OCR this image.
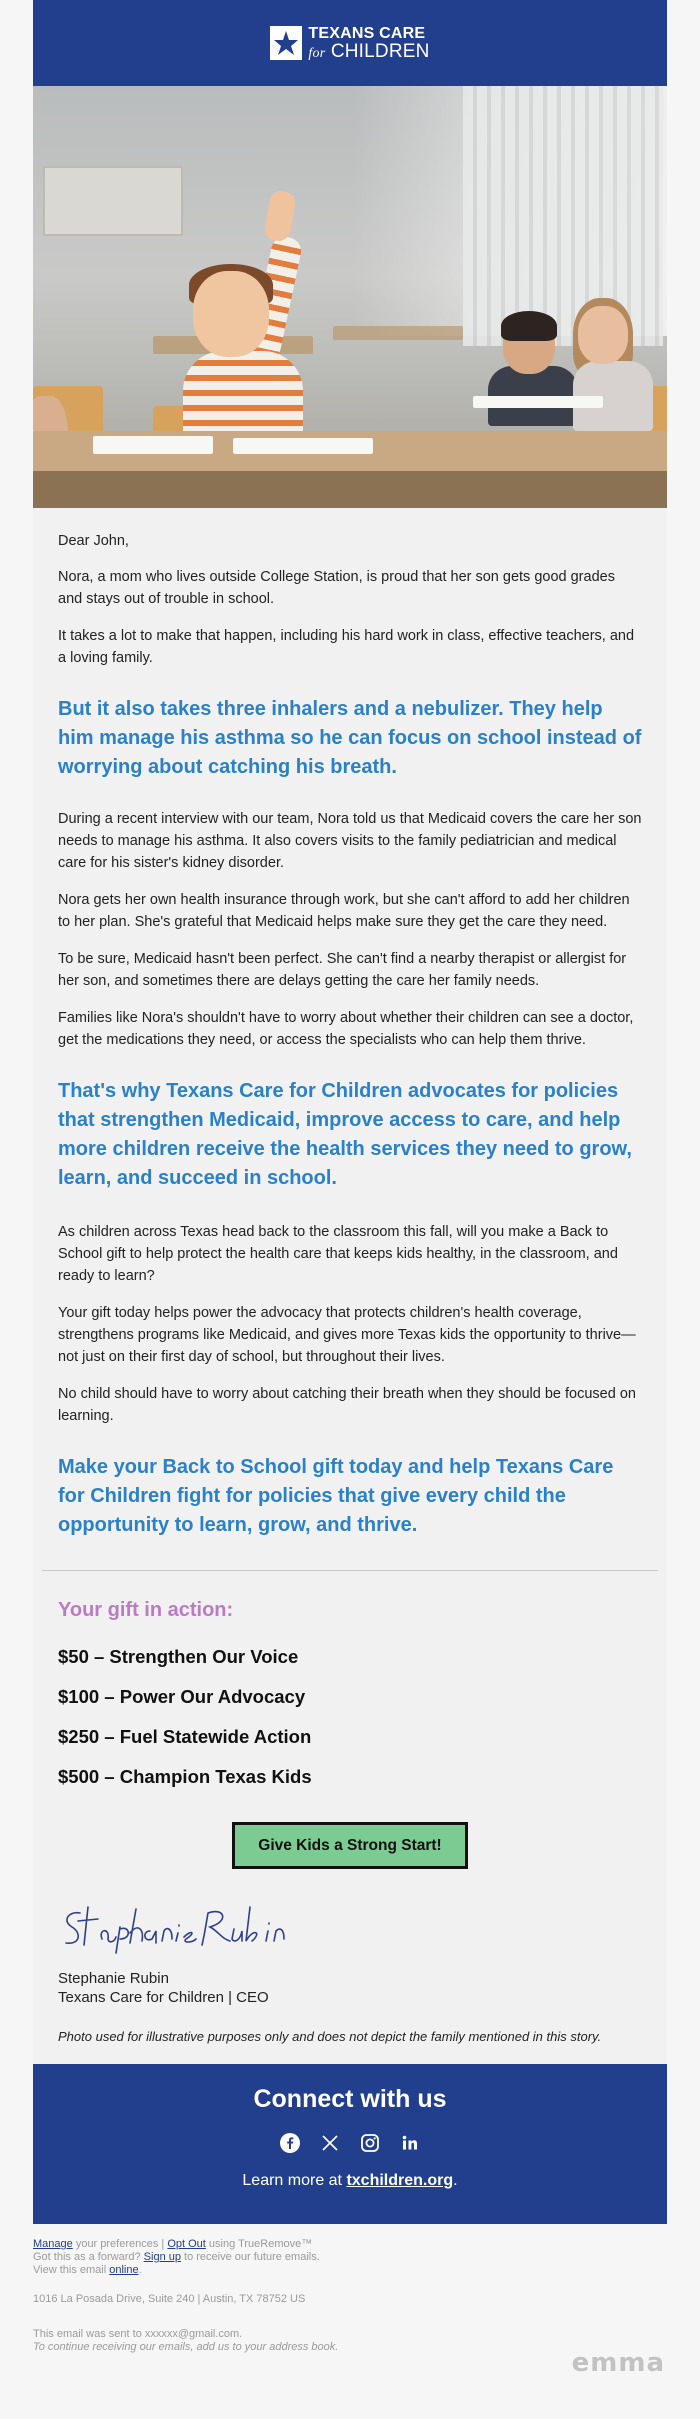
TEXANS CARE
for CHILDREN

Dear John,

Nora, a mom who lives outside College Station, is proud that her son gets good grades and stays out of trouble in school.

It takes a lot to make that happen, including his hard work in class, effective teachers, and a loving family.

But it also takes three inhalers and a nebulizer. They help him manage his asthma so he can focus on school instead of worrying about catching his breath.

During a recent interview with our team, Nora told us that Medicaid covers the care her son needs to manage his asthma. It also covers visits to the family pediatrician and medical care for his sister's kidney disorder.

Nora gets her own health insurance through work, but she can't afford to add her children to her plan. She's grateful that Medicaid helps make sure they get the care they need.

To be sure, Medicaid hasn't been perfect. She can't find a nearby therapist or allergist for her son, and sometimes there are delays getting the care her family needs.

Families like Nora's shouldn't have to worry about whether their children can see a doctor, get the medications they need, or access the specialists who can help them thrive.

That's why Texans Care for Children advocates for policies that strengthen Medicaid, improve access to care, and help more children receive the health services they need to grow, learn, and succeed in school.

As children across Texas head back to the classroom this fall, will you make a Back to School gift to help protect the health care that keeps kids healthy, in the classroom, and ready to learn?

Your gift today helps power the advocacy that protects children's health coverage, strengthens programs like Medicaid, and gives more Texas kids the opportunity to thrive—not just on their first day of school, but throughout their lives.

No child should have to worry about catching their breath when they should be focused on learning.

Make your Back to School gift today and help Texans Care for Children fight for policies that give every child the opportunity to learn, grow, and thrive.
Your gift in action:
$50 – Strengthen Our Voice
$100 – Power Our Advocacy
$250 – Fuel Statewide Action
$500 – Champion Texas Kids
Give Kids a Strong Start!
Stephanie Rubin
Texans Care for Children | CEO
Photo used for illustrative purposes only and does not depict the family mentioned in this story.
Connect with us
Learn more at txchildren.org.
Manage your preferences | Opt Out using TrueRemove™
Got this as a forward? Sign up to receive our future emails.
View this email online.
1016 La Posada Drive, Suite 240 | Austin, TX 78752 US
This email was sent to xxxxxx@gmail.com.
To continue receiving our emails, add us to your address book.
emma
